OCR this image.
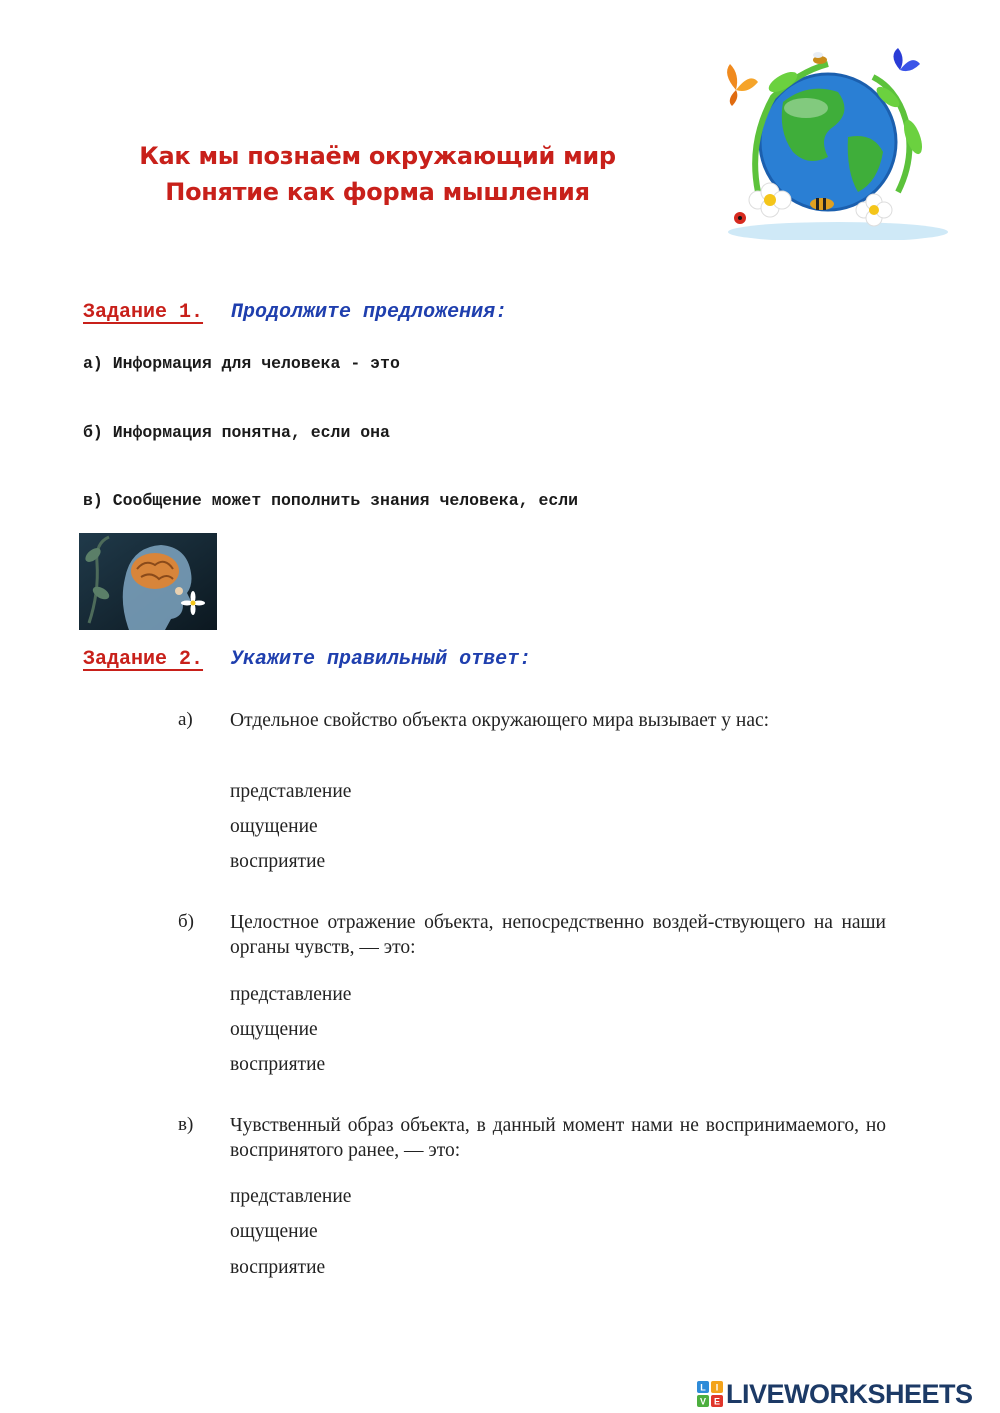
Как мы познаём окружающий мир
Понятие как форма мышления
Задание 1. Продолжите предложения:
а) Информация для человека - это
б) Информация понятна, если она
в) Сообщение может пополнить знания человека, если
Задание 2. Укажите правильный ответ:
а) Отдельное свойство объекта окружающего мира вызывает у нас:
представление
ощущение
восприятие
б) Целостное отражение объекта, непосредственно воздей-ствующего на наши органы чувств, — это:
представление
ощущение
восприятие
в) Чувственный образ объекта, в данный момент нами не воспринимаемого, но воспринятого ранее, — это:
представление
ощущение
восприятие
L I
V E LIVEWORKSHEETS
